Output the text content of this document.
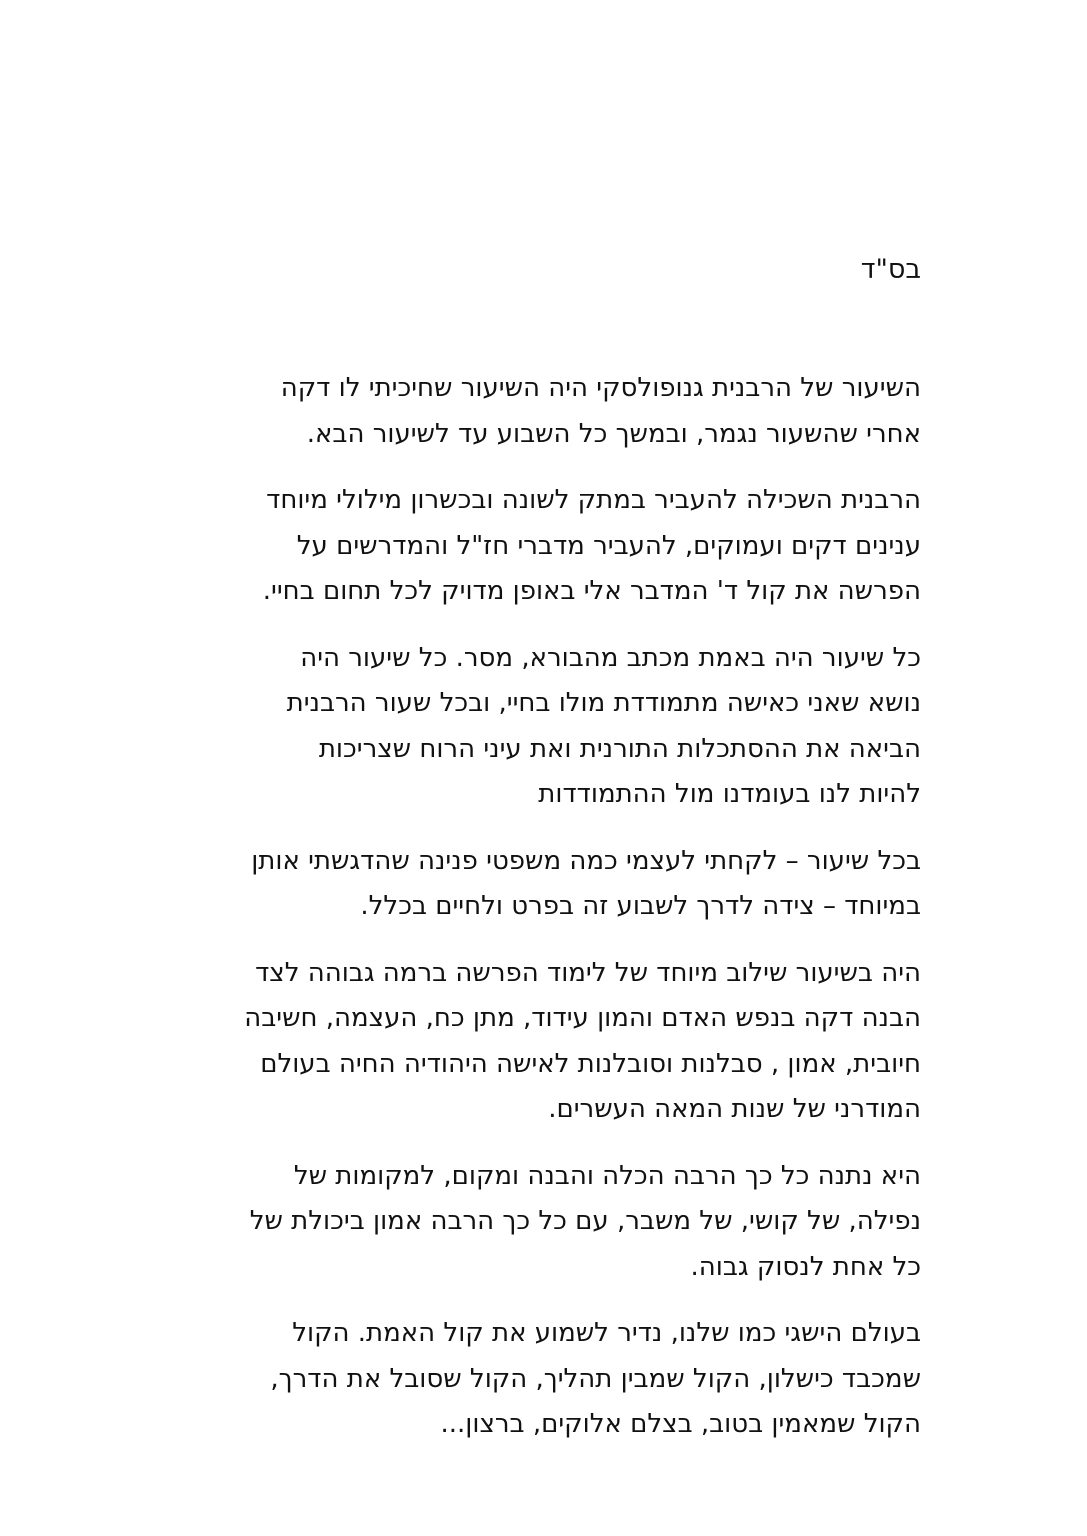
בס"ד

השיעור של הרבנית גנופולסקי היה השיעור שחיכיתי לו דקה
אחרי שהשעור נגמר, ובמשך כל השבוע עד לשיעור הבא.

הרבנית השכילה להעביר במתק לשונה ובכשרון מילולי מיוחד
ענינים דקים ועמוקים, להעביר מדברי חז"ל והמדרשים על
הפרשה את קול ד' המדבר אלי באופן מדויק לכל תחום בחיי.

כל שיעור היה באמת מכתב מהבורא, מסר. כל שיעור היה
נושא שאני כאישה מתמודדת מולו בחיי, ובכל שעור הרבנית
הביאה את ההסתכלות התורנית ואת עיני הרוח שצריכות
להיות לנו בעומדנו מול ההתמודדות

בכל שיעור – לקחתי לעצמי כמה משפטי פנינה שהדגשתי אותן
במיוחד – צידה לדרך לשבוע זה בפרט ולחיים בכלל.

היה בשיעור שילוב מיוחד של לימוד הפרשה ברמה גבוהה לצד
הבנה דקה בנפש האדם והמון עידוד, מתן כח, העצמה, חשיבה
חיובית, אמון , סבלנות וסובלנות לאישה היהודיה החיה בעולם
המודרני של שנות המאה העשרים.

היא נתנה כל כך הרבה הכלה והבנה ומקום, למקומות של
נפילה, של קושי, של משבר, עם כל כך הרבה אמון ביכולת של
כל אחת לנסוק גבוה.

בעולם הישגי כמו שלנו, נדיר לשמוע את קול האמת. הקול
שמכבד כישלון, הקול שמבין תהליך, הקול שסובל את הדרך,
הקול שמאמין בטוב, בצלם אלוקים, ברצון...
